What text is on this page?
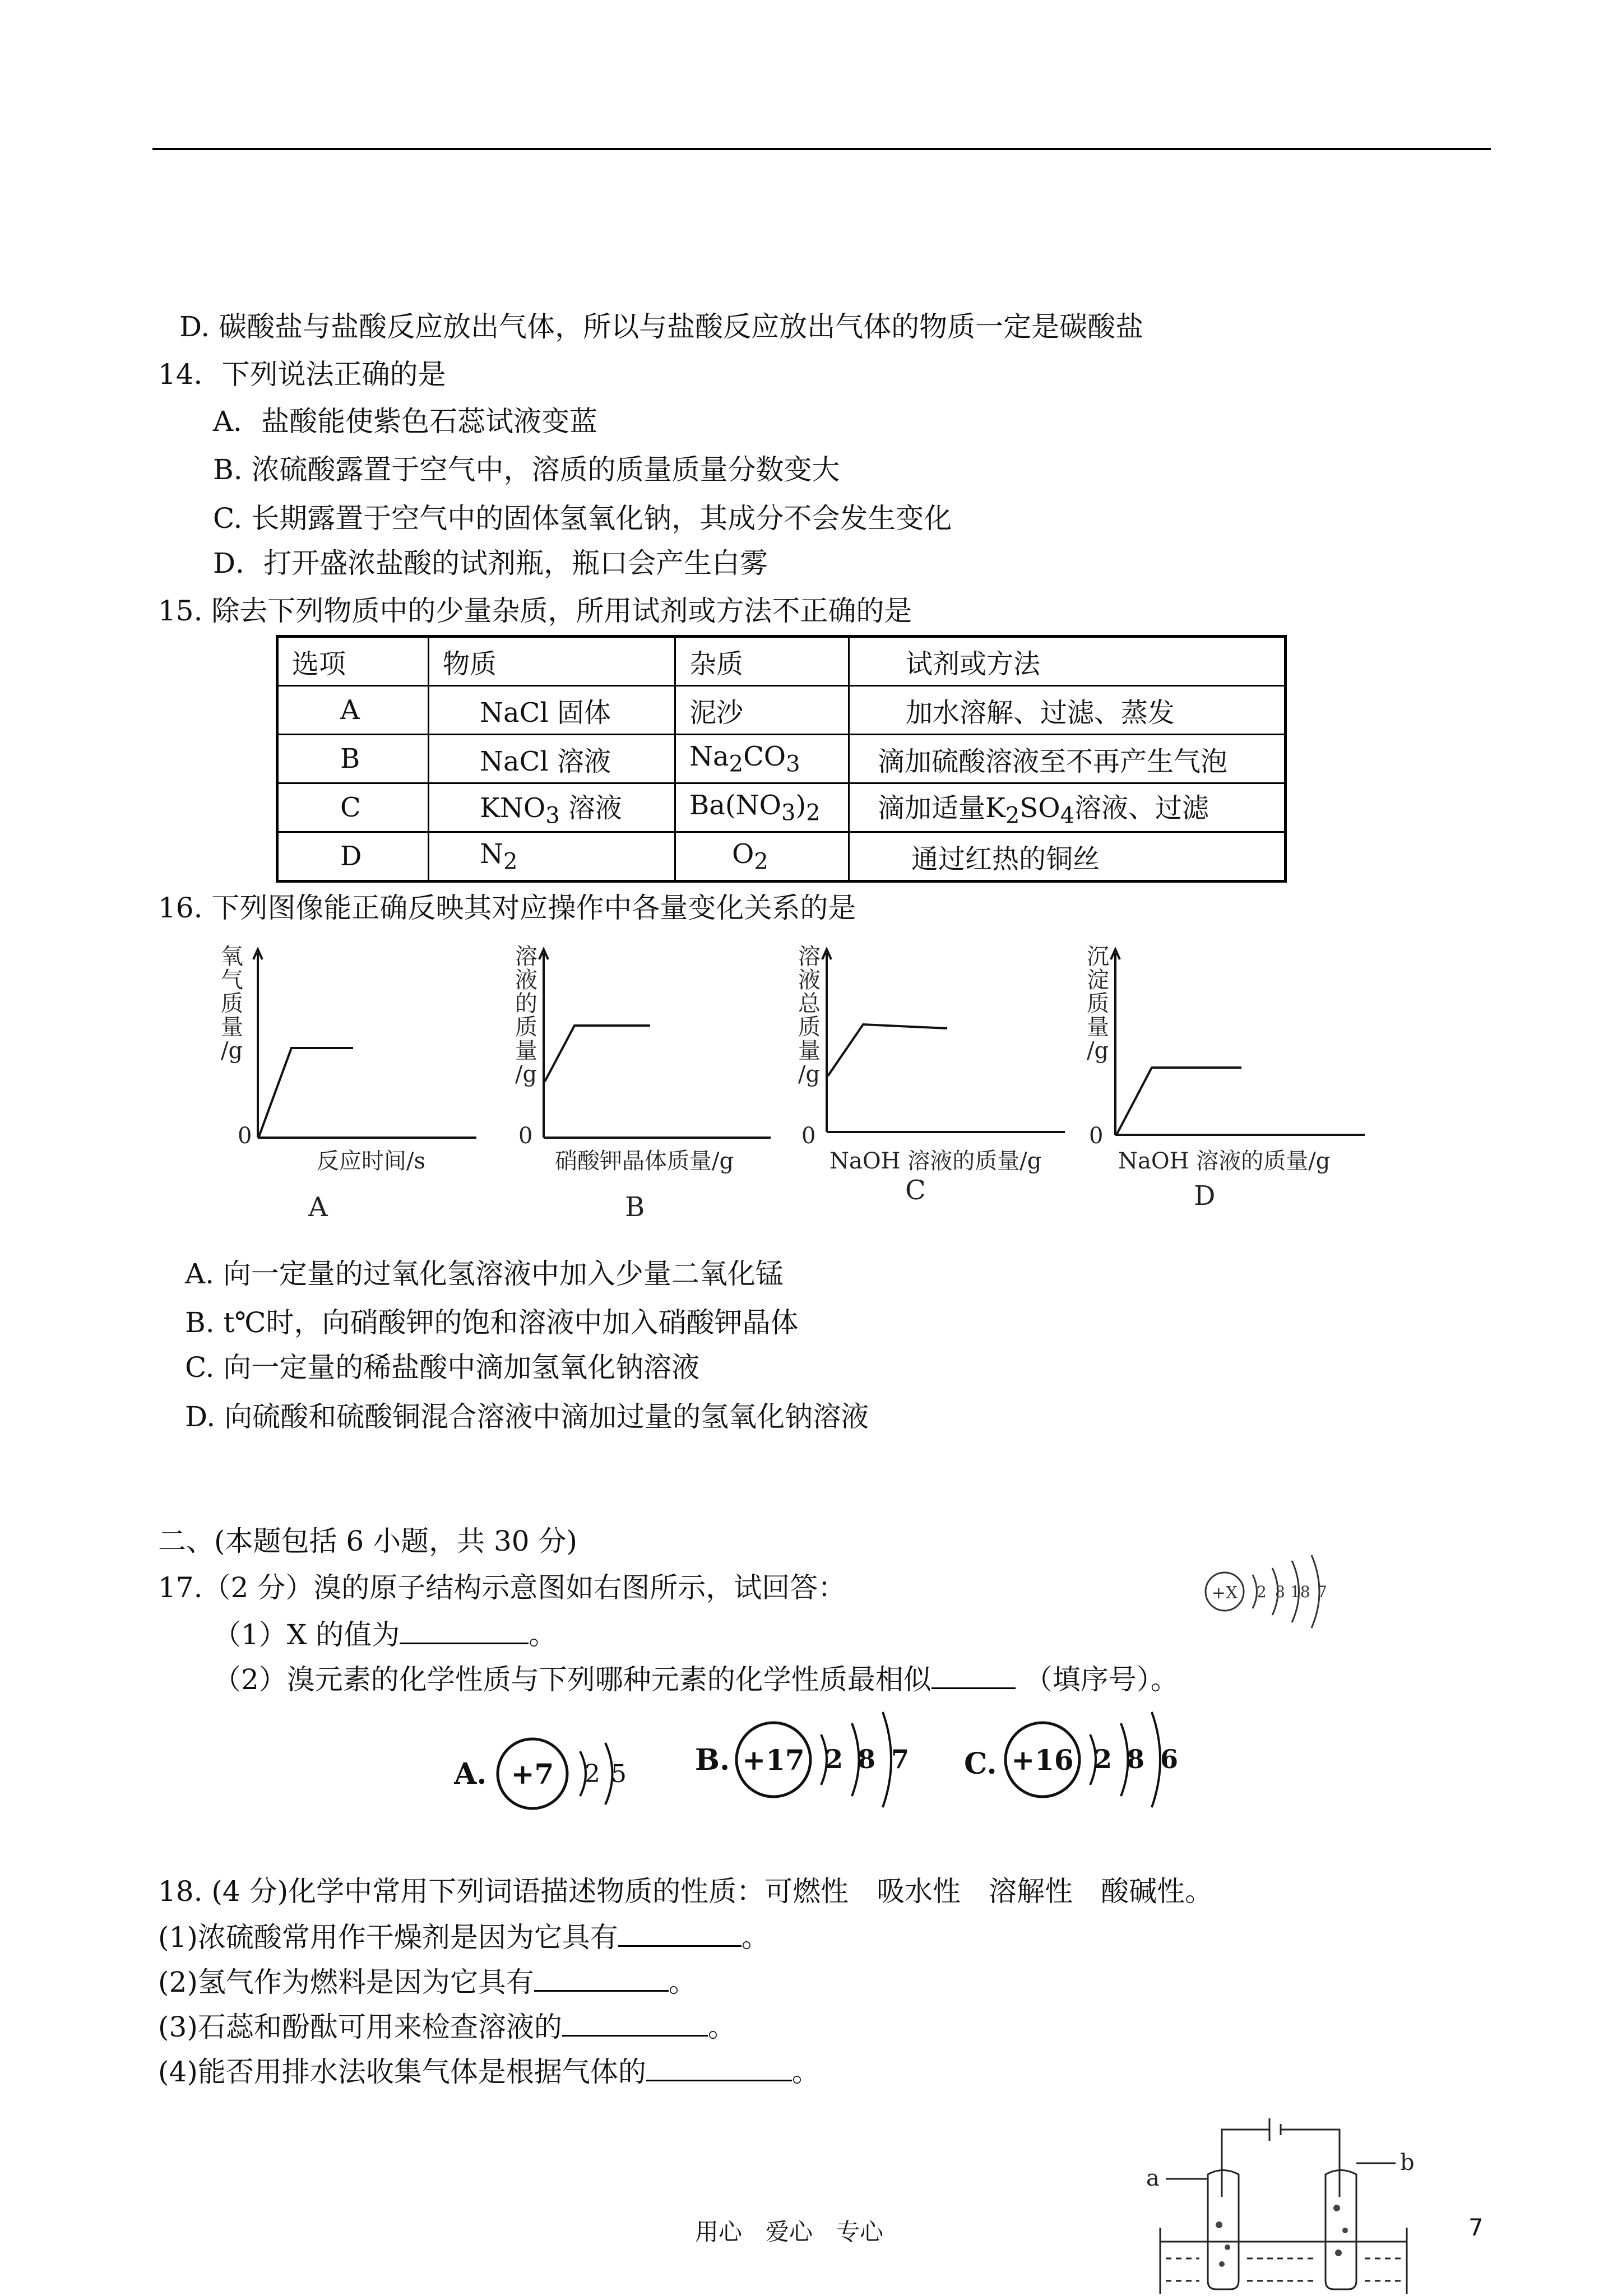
D. 碳酸盐与盐酸反应放出气体，所以与盐酸反应放出气体的物质一定是碳酸盐
14．下列说法正确的是
A．盐酸能使紫色石蕊试液变蓝
B. 浓硫酸露置于空气中，溶质的质量质量分数变大
C. 长期露置于空气中的固体氢氧化钠，其成分不会发生变化
D．打开盛浓盐酸的试剂瓶，瓶口会产生白雾
15. 除去下列物质中的少量杂质，所用试剂或方法不正确的是
选项	物质	杂质	试剂或方法
A	NaCl 固体	泥沙	加水溶解、过滤、蒸发
B	NaCl 溶液	$Na_2CO_3$	滴加硫酸溶液至不再产生气泡
C	$KNO_3$ 溶液	$Ba(NO_3)_2$	滴加适量$K_2SO_4$溶液、过滤
D	$N_2$	$O_2$	通过红热的铜丝
16. 下列图像能正确反映其对应操作中各量变化关系的是
氧
气
质
量
/g
0
反应时间/s
A
溶
液
的
质
量
/g
0
硝酸钾晶体质量/g
B
溶
液
总
质
量
/g
0
NaOH 溶液的质量/g
C
沉
淀
质
量
/g
0
NaOH 溶液的质量/g
D
A. 向一定量的过氧化氢溶液中加入少量二氧化锰
B. t℃时，向硝酸钾的饱和溶液中加入硝酸钾晶体
C. 向一定量的稀盐酸中滴加氢氧化钠溶液
D. 向硫酸和硫酸铜混合溶液中滴加过量的氢氧化钠溶液
二、(本题包括 6 小题，共 30 分)
17.（2 分）溴的原子结构示意图如右图所示，试回答：
（1）X 的值为	。
（2）溴元素的化学性质与下列哪种元素的化学性质最相似	（填序号）。
+X 2 8 18 7
A. +7 2 5 B. +17 2 8 7 C. +16 2 8 6
18. (4 分)化学中常用下列词语描述物质的性质：可燃性　吸水性　溶解性　酸碱性。
(1)浓硫酸常用作干燥剂是因为它具有	。
(2)氢气作为燃料是因为它具有	。
(3)石蕊和酚酞可用来检查溶液的	。
(4)能否用排水法收集气体是根据气体的	。
a
b
用心　爱心　专心	7
